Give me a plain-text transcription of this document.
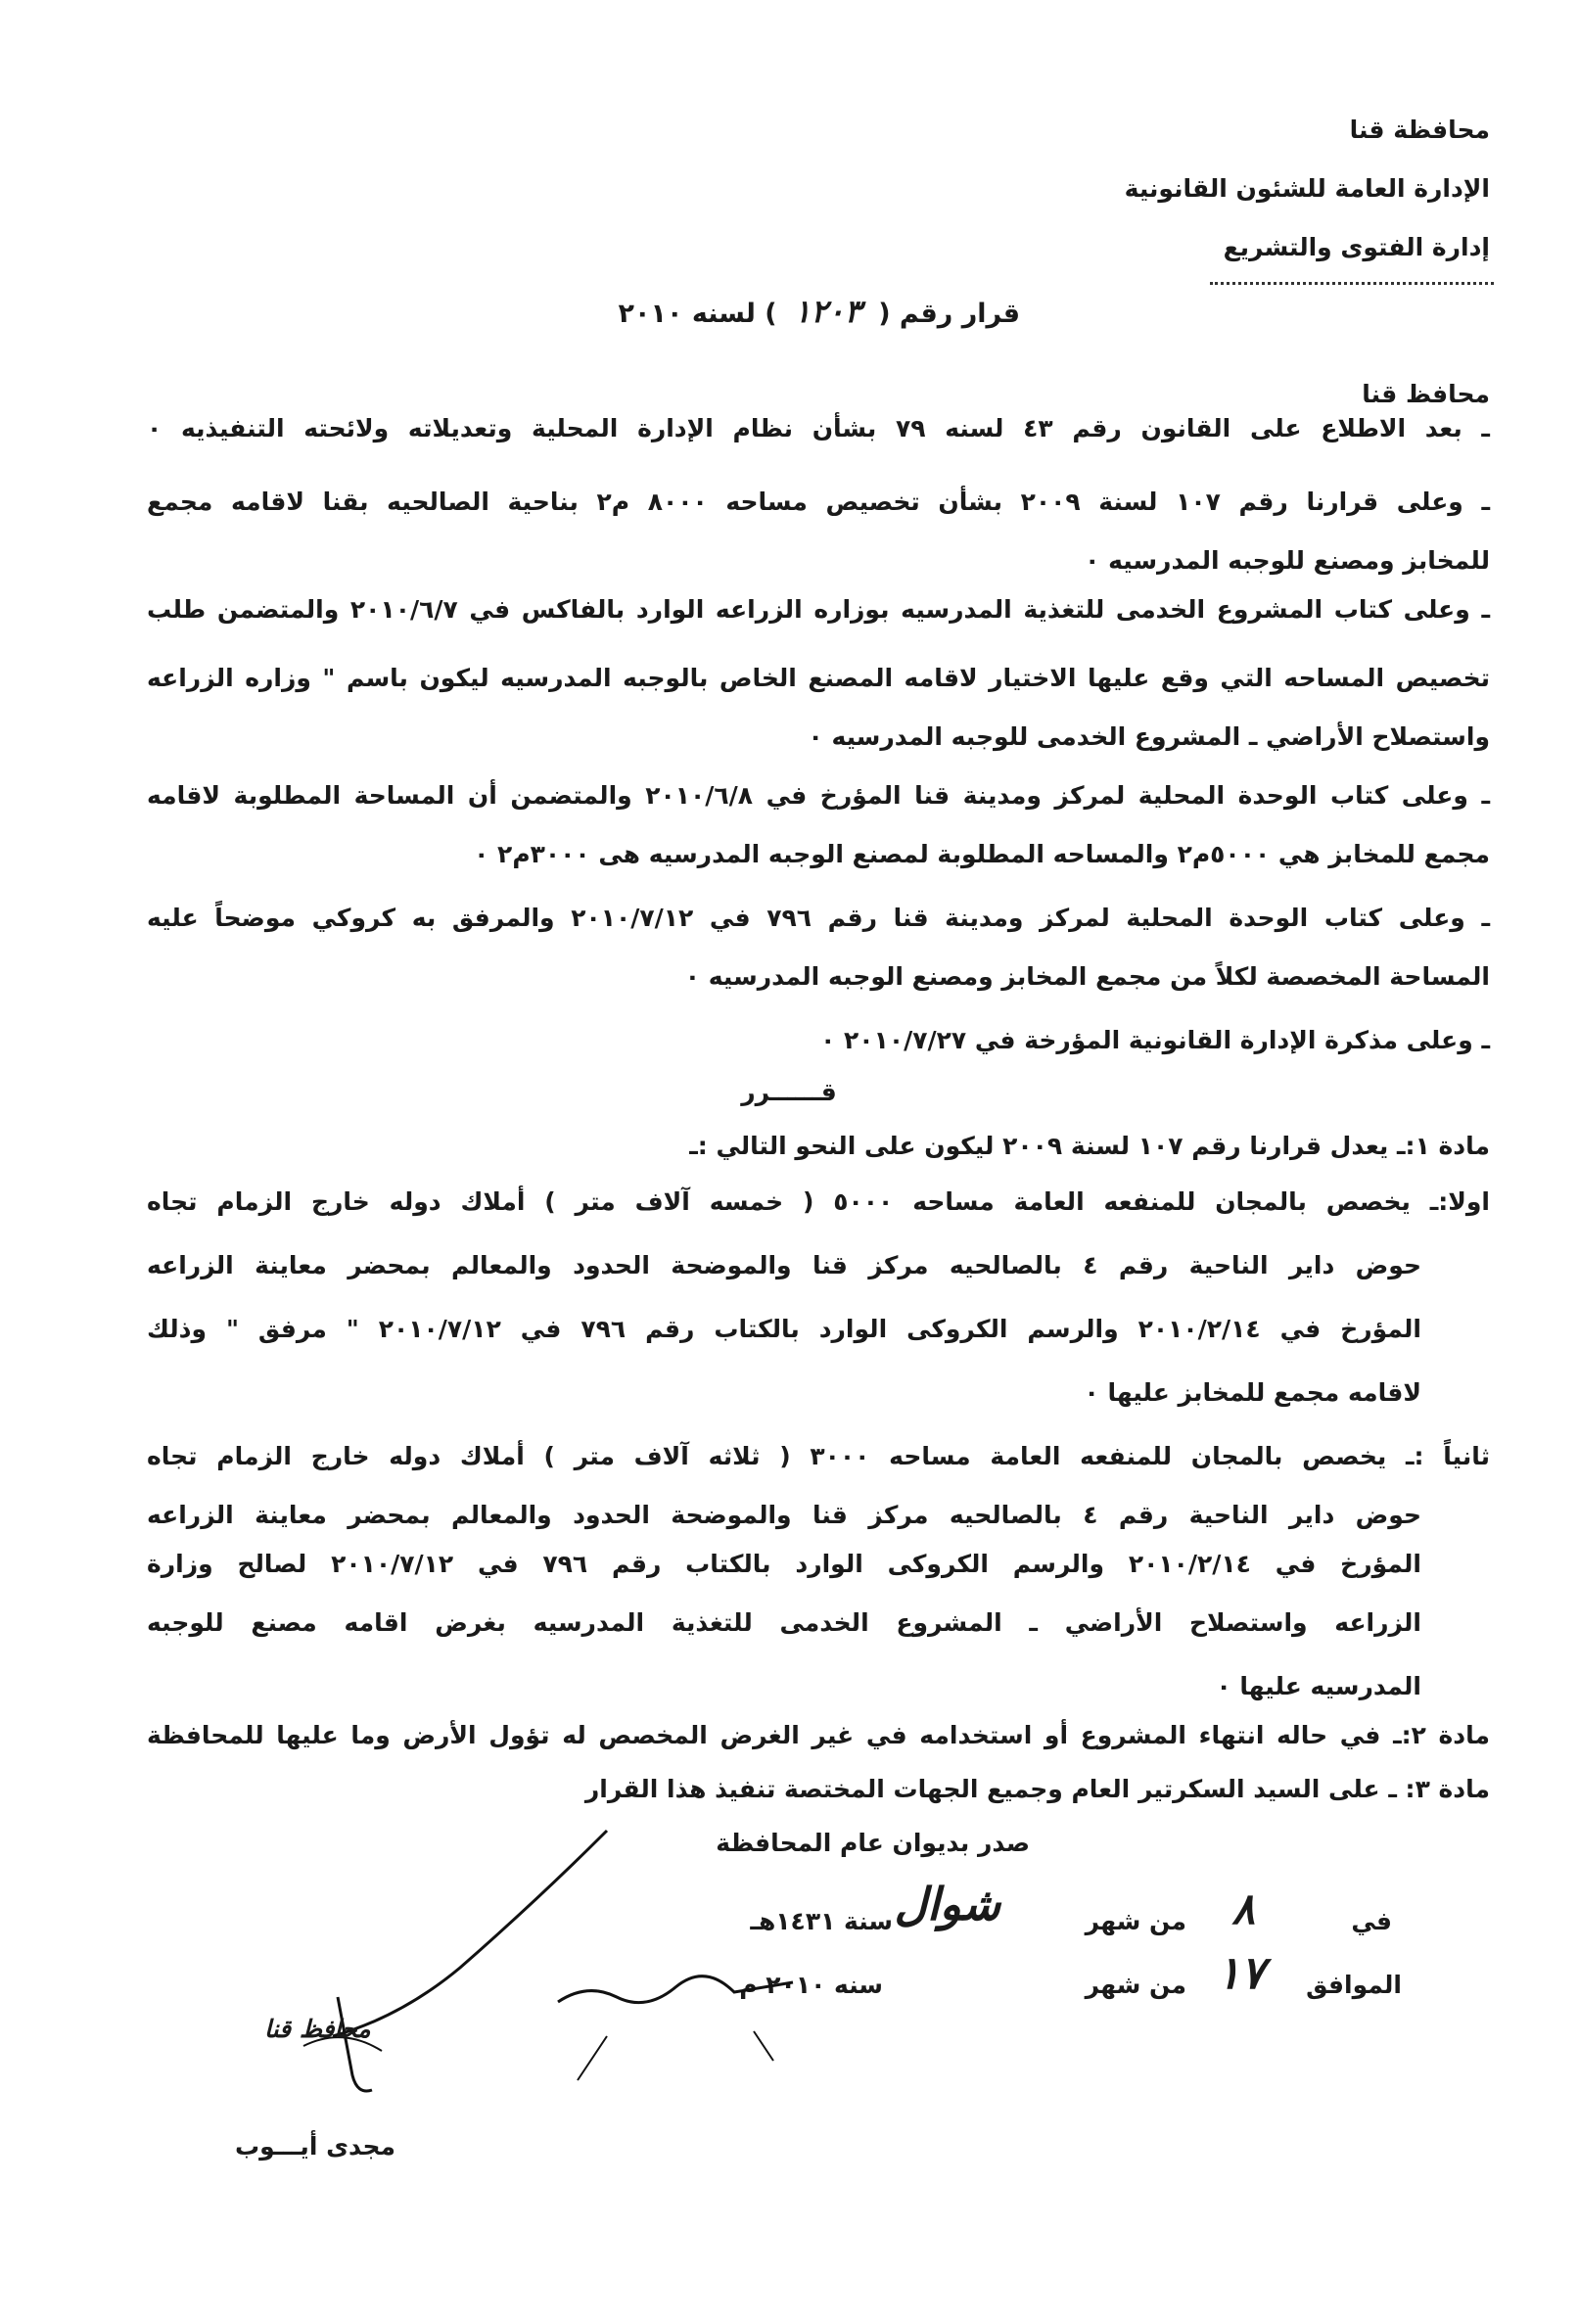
محافظة قنا
الإدارة العامة للشئون القانونية
إدارة الفتوى والتشريع
قرار رقم ( ١٢٠٣ ) لسنه ٢٠١٠
محافظ قنا
ـ بعد الاطلاع على القانون رقم ٤٣ لسنه ٧٩ بشأن نظام الإدارة المحلية وتعديلاته ولائحته التنفيذيه ٠
ـ وعلى قرارنا رقم ١٠٧ لسنة ٢٠٠٩ بشأن تخصيص مساحه ٨٠٠٠ م٢ بناحية الصالحيه بقنا لاقامه مجمع
للمخابز ومصنع للوجبه المدرسيه ٠
ـ وعلى كتاب المشروع الخدمى للتغذية المدرسيه بوزاره الزراعه الوارد بالفاكس في ٢٠١٠/٦/٧ والمتضمن طلب
تخصيص المساحه التي وقع عليها الاختيار لاقامه المصنع الخاص بالوجبه المدرسيه ليكون باسم " وزاره الزراعه
واستصلاح الأراضي ـ المشروع الخدمى للوجبه المدرسيه ٠
ـ وعلى كتاب الوحدة المحلية لمركز ومدينة قنا المؤرخ في ٢٠١٠/٦/٨ والمتضمن أن المساحة المطلوبة لاقامه
مجمع للمخابز هي ٥٠٠٠م٢ والمساحه المطلوبة لمصنع الوجبه المدرسيه هى ٣٠٠٠م٢ ٠
ـ وعلى كتاب الوحدة المحلية لمركز ومدينة قنا رقم ٧٩٦ في ٢٠١٠/٧/١٢ والمرفق به كروكي موضحاً عليه
المساحة المخصصة لكلاً من مجمع المخابز ومصنع الوجبه المدرسيه ٠
ـ وعلى مذكرة الإدارة القانونية المؤرخة في ٢٠١٠/٧/٢٧ ٠
قــــــرر
مادة ١:ـ يعدل قرارنا رقم ١٠٧ لسنة ٢٠٠٩ ليكون على النحو التالي :ـ
اولا:ـ يخصص بالمجان للمنفعه العامة مساحه ٥٠٠٠ ( خمسه آلاف متر ) أملاك دوله خارج الزمام تجاه
حوض داير الناحية رقم ٤ بالصالحيه مركز قنا والموضحة الحدود والمعالم بمحضر معاينة الزراعه
المؤرخ في ٢٠١٠/٢/١٤ والرسم الكروكى الوارد بالكتاب رقم ٧٩٦ في ٢٠١٠/٧/١٢ " مرفق " وذلك
لاقامه مجمع للمخابز عليها ٠
ثانياً :ـ يخصص بالمجان للمنفعه العامة مساحه ٣٠٠٠ ( ثلاثه آلاف متر ) أملاك دوله خارج الزمام تجاه
حوض داير الناحية رقم ٤ بالصالحيه مركز قنا والموضحة الحدود والمعالم بمحضر معاينة الزراعه
المؤرخ في ٢٠١٠/٢/١٤ والرسم الكروكى الوارد بالكتاب رقم ٧٩٦ في ٢٠١٠/٧/١٢ لصالح وزارة
الزراعه واستصلاح الأراضي ـ المشروع الخدمى للتغذية المدرسيه بغرض اقامه مصنع للوجبه
المدرسيه عليها ٠
مادة ٢:ـ في حاله انتهاء المشروع أو استخدامه في غير الغرض المخصص له تؤول الأرض وما عليها للمحافظة
مادة ٣: ـ على السيد السكرتير العام وجميع الجهات المختصة تنفيذ هذا القرار
صدر بديوان عام المحافظة
في
٨
من شهر
شوال
سنة ١٤٣١هـ
الموافق
١٧
من شهر
سنه ٢٠١٠ م
محافظ قنا
مجدى أيـــوب
